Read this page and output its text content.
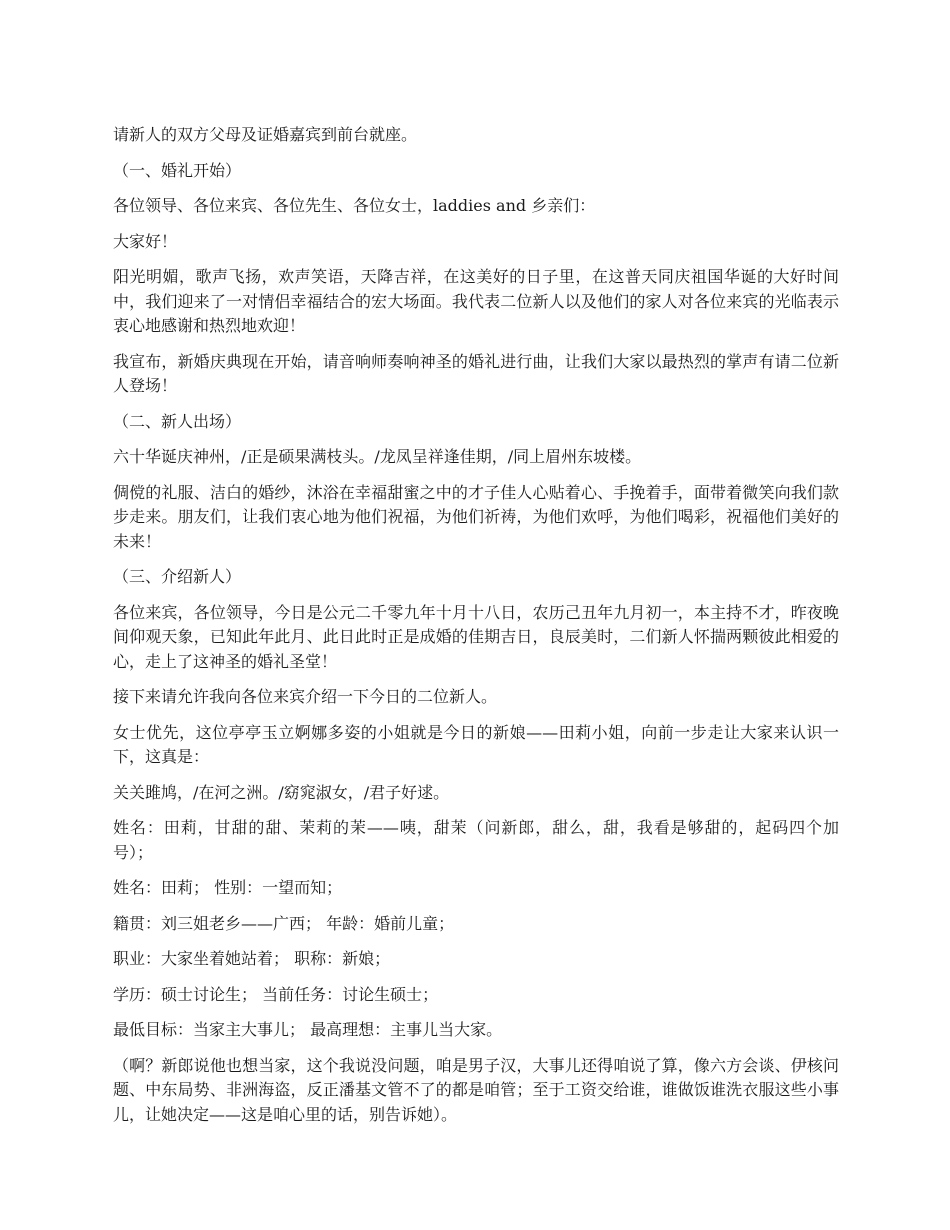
请新人的双方父母及证婚嘉宾到前台就座。

（一、婚礼开始）

各位领导、各位来宾、各位先生、各位女士，laddies and 乡亲们：

大家好！

阳光明媚，歌声飞扬，欢声笑语，天降吉祥，在这美好的日子里，在这普天同庆祖国华诞的大好时间中，我们迎来了一对情侣幸福结合的宏大场面。我代表二位新人以及他们的家人对各位来宾的光临表示衷心地感谢和热烈地欢迎！

我宣布，新婚庆典现在开始，请音响师奏响神圣的婚礼进行曲，让我们大家以最热烈的掌声有请二位新人登场！

（二、新人出场）

六十华诞庆神州，/正是硕果满枝头。/龙凤呈祥逢佳期，/同上眉州东坡楼。

倜傥的礼服、洁白的婚纱，沐浴在幸福甜蜜之中的才子佳人心贴着心、手挽着手，面带着微笑向我们款步走来。朋友们，让我们衷心地为他们祝福，为他们祈祷，为他们欢呼，为他们喝彩，祝福他们美好的未来！

（三、介绍新人）

各位来宾，各位领导，今日是公元二千零九年十月十八日，农历己丑年九月初一，本主持不才，昨夜晚间仰观天象，已知此年此月、此日此时正是成婚的佳期吉日，良辰美时，二们新人怀揣两颗彼此相爱的心，走上了这神圣的婚礼圣堂！

接下来请允许我向各位来宾介绍一下今日的二位新人。

女士优先，这位亭亭玉立婀娜多姿的小姐就是今日的新娘——田莉小姐，向前一步走让大家来认识一下，这真是：

关关雎鸠，/在河之洲。/窈窕淑女，/君子好逑。

姓名：田莉，甘甜的甜、茉莉的茉——咦，甜茉（问新郎，甜么，甜，我看是够甜的，起码四个加号）；

姓名：田莉； 性别：一望而知；

籍贯：刘三姐老乡——广西； 年龄：婚前儿童；

职业：大家坐着她站着； 职称：新娘；

学历：硕士讨论生； 当前任务：讨论生硕士；

最低目标：当家主大事儿； 最高理想：主事儿当大家。

（啊？新郎说他也想当家，这个我说没问题，咱是男子汉，大事儿还得咱说了算，像六方会谈、伊核问题、中东局势、非洲海盗，反正潘基文管不了的都是咱管；至于工资交给谁，谁做饭谁洗衣服这些小事儿，让她决定——这是咱心里的话，别告诉她）。
